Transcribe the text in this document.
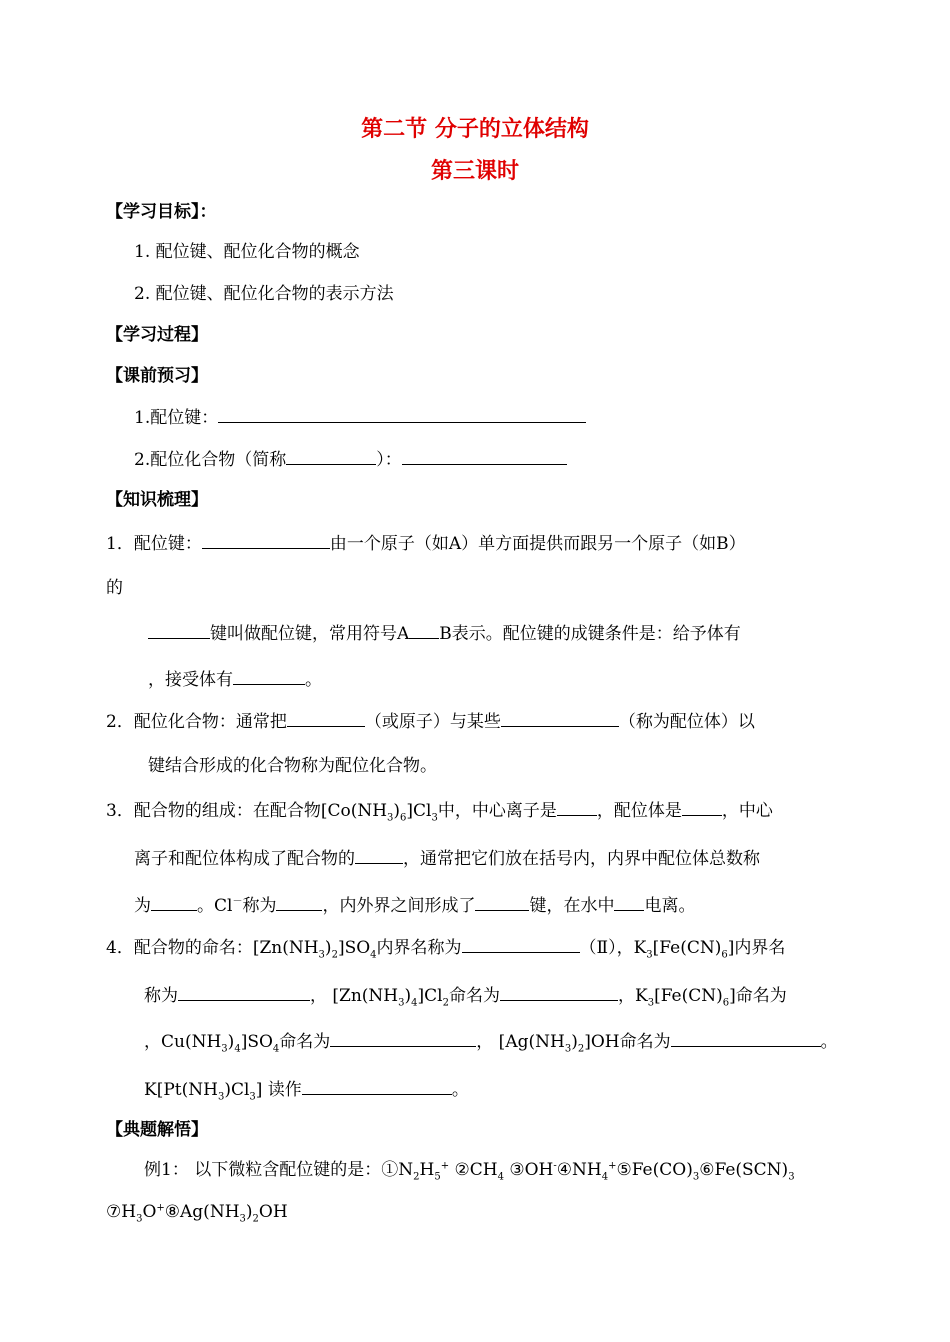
第二节 分子的立体结构
第三课时
【学习目标】：
1. 配位键、配位化合物的概念
2. 配位键、配位化合物的表示方法
【学习过程】
【课前预习】
1.配位键：
2.配位化合物（简称	）：
【知识梳理】
1．配位键：	由一个原子（如A）单方面提供而跟另一个原子（如B）
的
键叫做配位键，常用符号A B表示。配位键的成键条件是：给予体有
，接受体有	。
2．配位化合物：通常把	（或原子）与某些	（称为配位体）以
键结合形成的化合物称为配位化合物。
3．配合物的组成：在配合物$[Co(NH_3)_6]Cl_3$中，中心离子是 ，配位体是 ，中心
离子和配位体构成了配合物的	，通常把它们放在括号内，内界中配位体总数称
为	。Cl－称为	，内外界之间形成了	键，在水中 电离。
4．配合物的命名：$[Zn(NH_3)_2]SO_4$内界名称为	（Ⅱ），$K_3[Fe(CN)_6]$内界名
称为	， $[Zn(NH_3)_4]Cl_2$命名为	，$K_3[Fe(CN)_6]$命名为
，$Cu(NH_3)_4]SO_4$命名为	， $[Ag(NH_3)_2]OH$命名为	。
$K[Pt(NH_3)Cl_3]$ 读作	。
【典题解悟】
例1： 以下微粒含配位键的是：$①N_2H_5^+$ $②CH_4$ $③OH^-④NH_4^+⑤Fe(CO)_3⑥Fe(SCN)_3$
$⑦H_3O^+⑧Ag(NH_3)_2OH$
